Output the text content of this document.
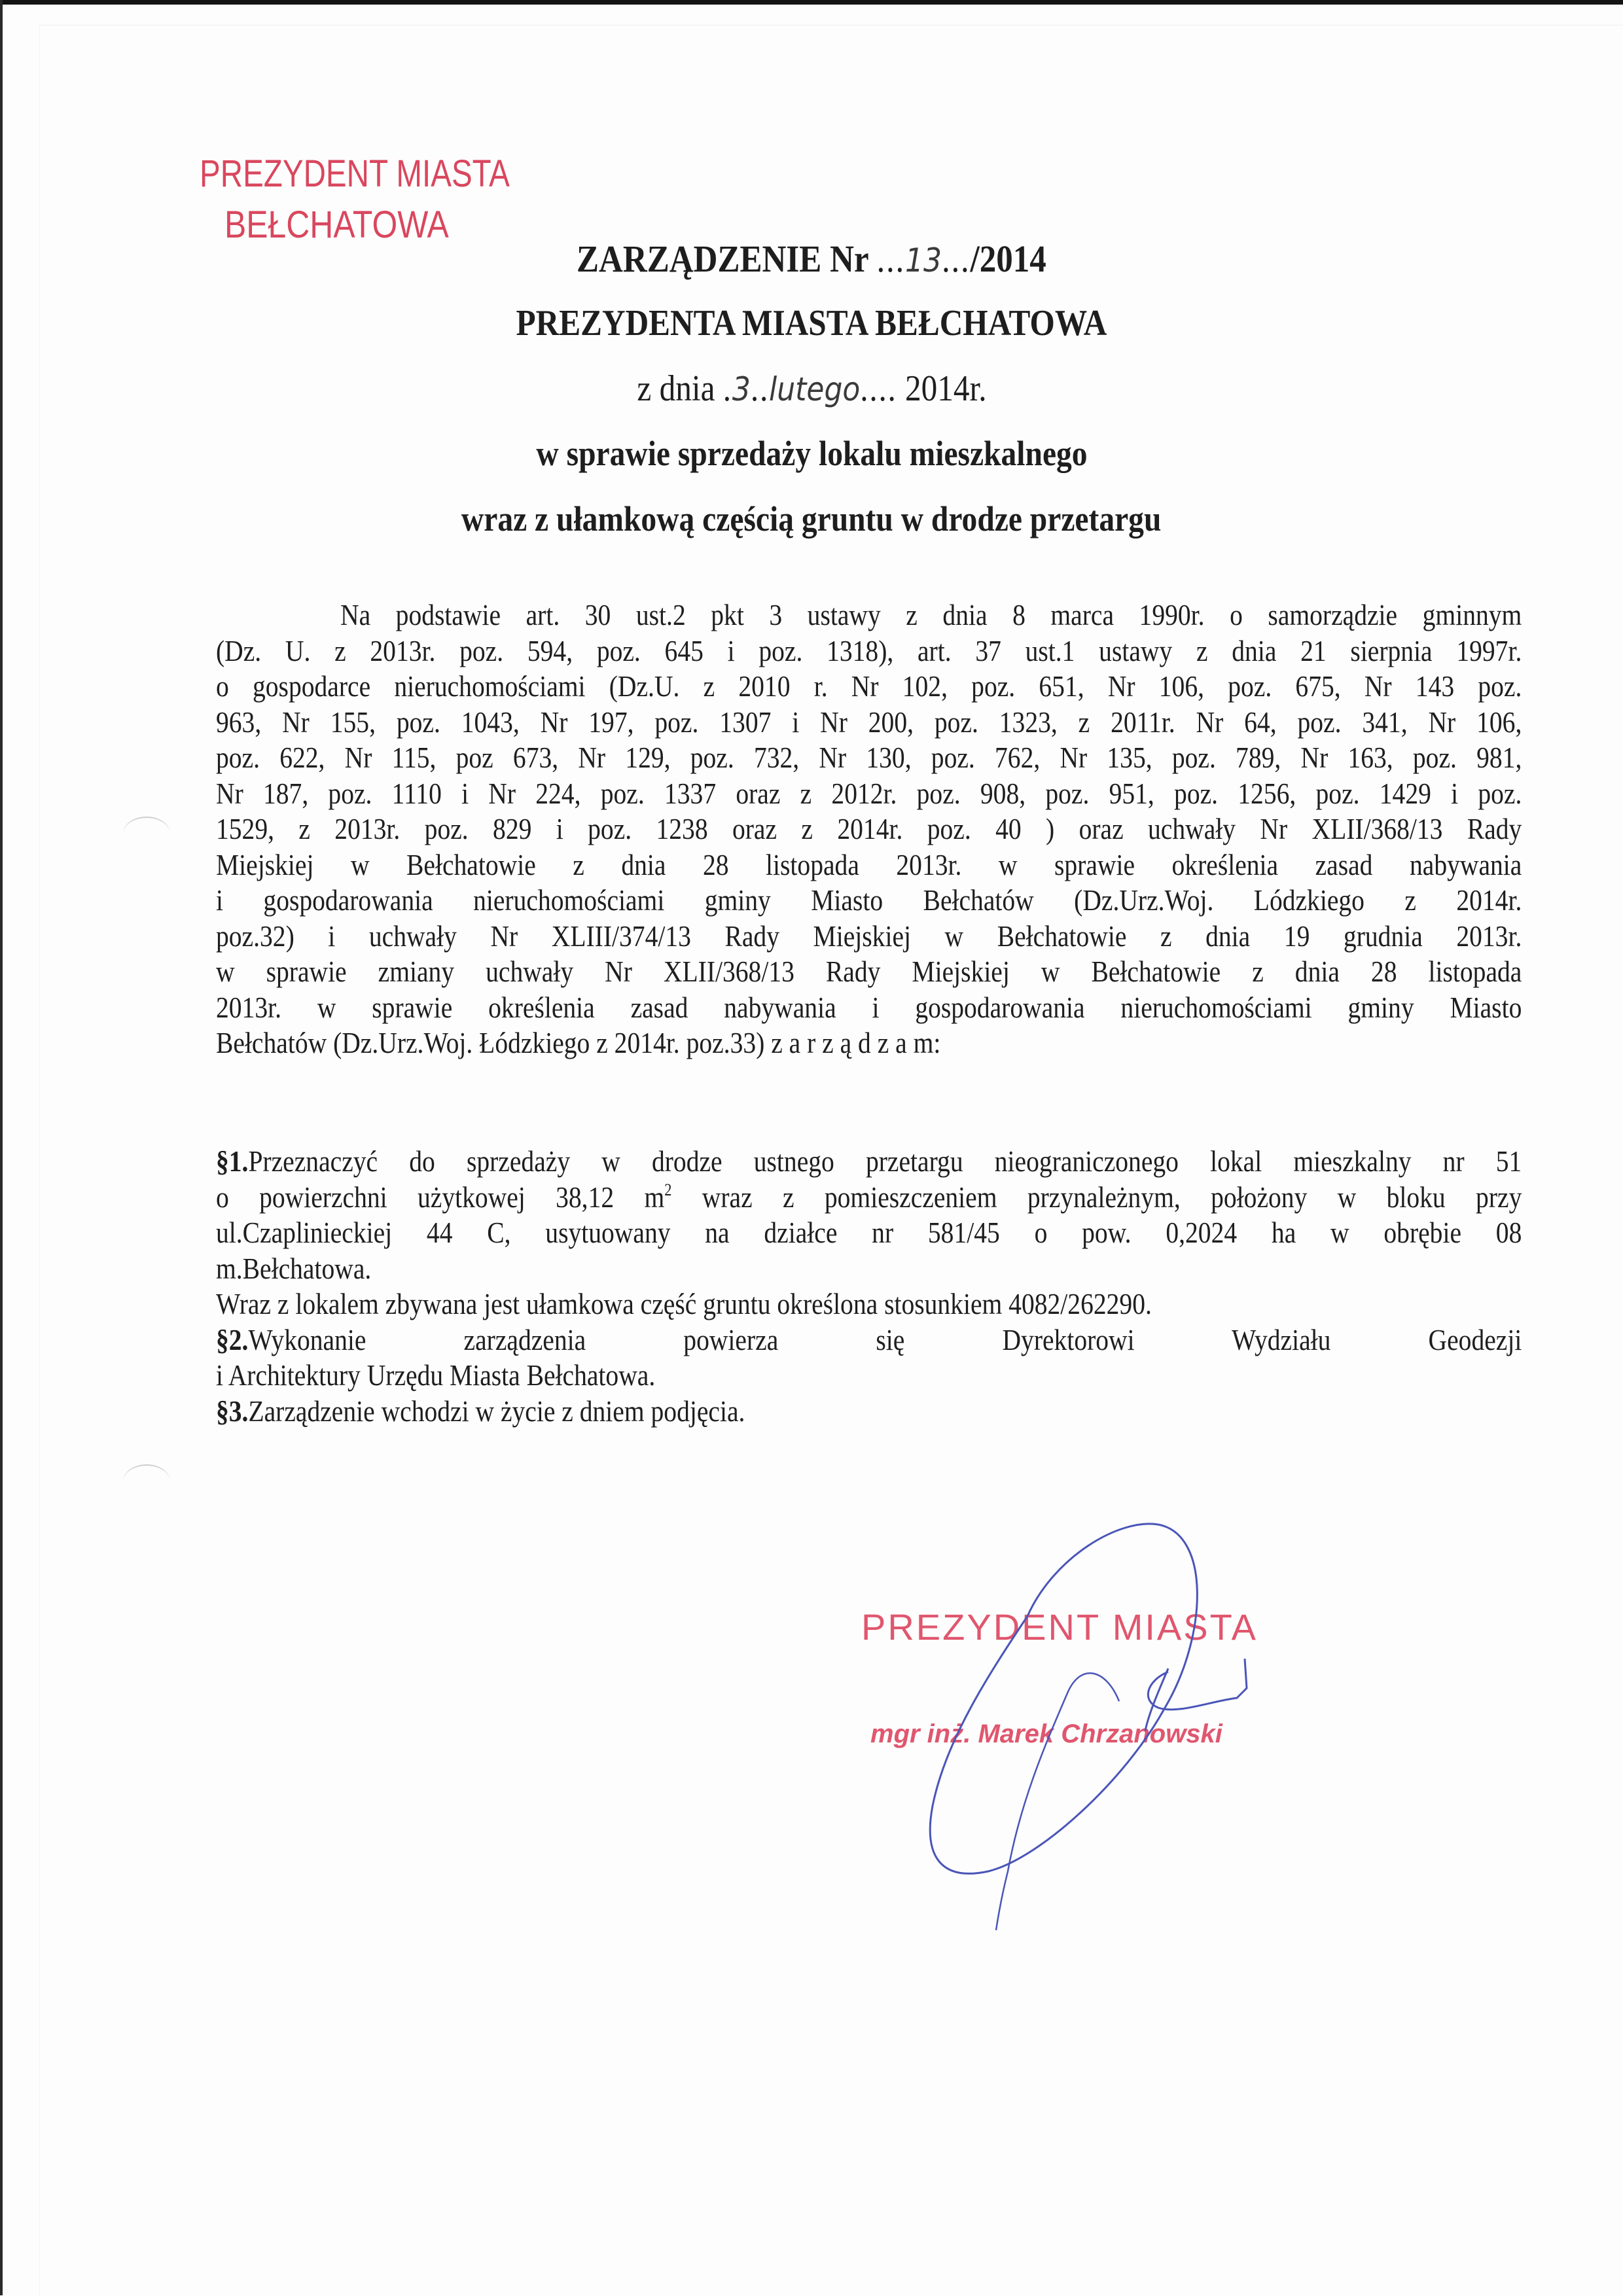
PREZYDENT MIASTA
BEŁCHATOWA
ZARZĄDZENIE Nr ...13.../2014
PREZYDENTA MIASTA BEŁCHATOWA
z dnia .3..lutego.... 2014r.
w sprawie sprzedaży lokalu mieszkalnego
wraz z ułamkową częścią gruntu w drodze przetargu
Na podstawie art. 30 ust.2 pkt 3 ustawy z dnia 8 marca 1990r. o samorządzie gminnym
(Dz. U. z 2013r. poz. 594, poz. 645 i poz. 1318), art. 37 ust.1 ustawy z dnia 21 sierpnia 1997r.
o gospodarce nieruchomościami (Dz.U. z 2010 r. Nr 102, poz. 651, Nr 106, poz. 675, Nr 143 poz.
963, Nr 155, poz. 1043, Nr 197, poz. 1307 i Nr 200, poz. 1323, z 2011r. Nr 64, poz. 341, Nr 106,
poz. 622, Nr 115, poz 673, Nr 129, poz. 732, Nr 130, poz. 762, Nr 135, poz. 789, Nr 163, poz. 981,
Nr 187, poz. 1110 i Nr 224, poz. 1337 oraz z 2012r. poz. 908, poz. 951, poz. 1256, poz. 1429 i poz.
1529, z 2013r. poz. 829 i poz. 1238 oraz z 2014r. poz. 40 ) oraz uchwały Nr XLII/368/13 Rady
Miejskiej w Bełchatowie z dnia 28 listopada 2013r. w sprawie określenia zasad nabywania
i gospodarowania nieruchomościami gminy Miasto Bełchatów (Dz.Urz.Woj. Lódzkiego z 2014r.
poz.32) i uchwały Nr XLIII/374/13 Rady Miejskiej w Bełchatowie z dnia 19 grudnia 2013r.
w sprawie zmiany uchwały Nr XLII/368/13 Rady Miejskiej w Bełchatowie z dnia 28 listopada
2013r. w sprawie określenia zasad nabywania i gospodarowania nieruchomościami gminy Miasto
Bełchatów (Dz.Urz.Woj. Łódzkiego z 2014r. poz.33) z a r z ą d z a m:
§1.Przeznaczyć do sprzedaży w drodze ustnego przetargu nieograniczonego lokal mieszkalny nr 51
o powierzchni użytkowej 38,12 $m^2$ wraz z pomieszczeniem przynależnym, położony w bloku przy
ul.Czaplinieckiej 44 C, usytuowany na działce nr 581/45 o pow. 0,2024 ha w obrębie 08
m.Bełchatowa.
Wraz z lokalem zbywana jest ułamkowa część gruntu określona stosunkiem 4082/262290.
§2.Wykonanie zarządzenia powierza się Dyrektorowi Wydziału Geodezji
i Architektury Urzędu Miasta Bełchatowa.
§3.Zarządzenie wchodzi w życie z dniem podjęcia.
PREZYDENT MIASTA
mgr inż. Marek Chrzanowski
